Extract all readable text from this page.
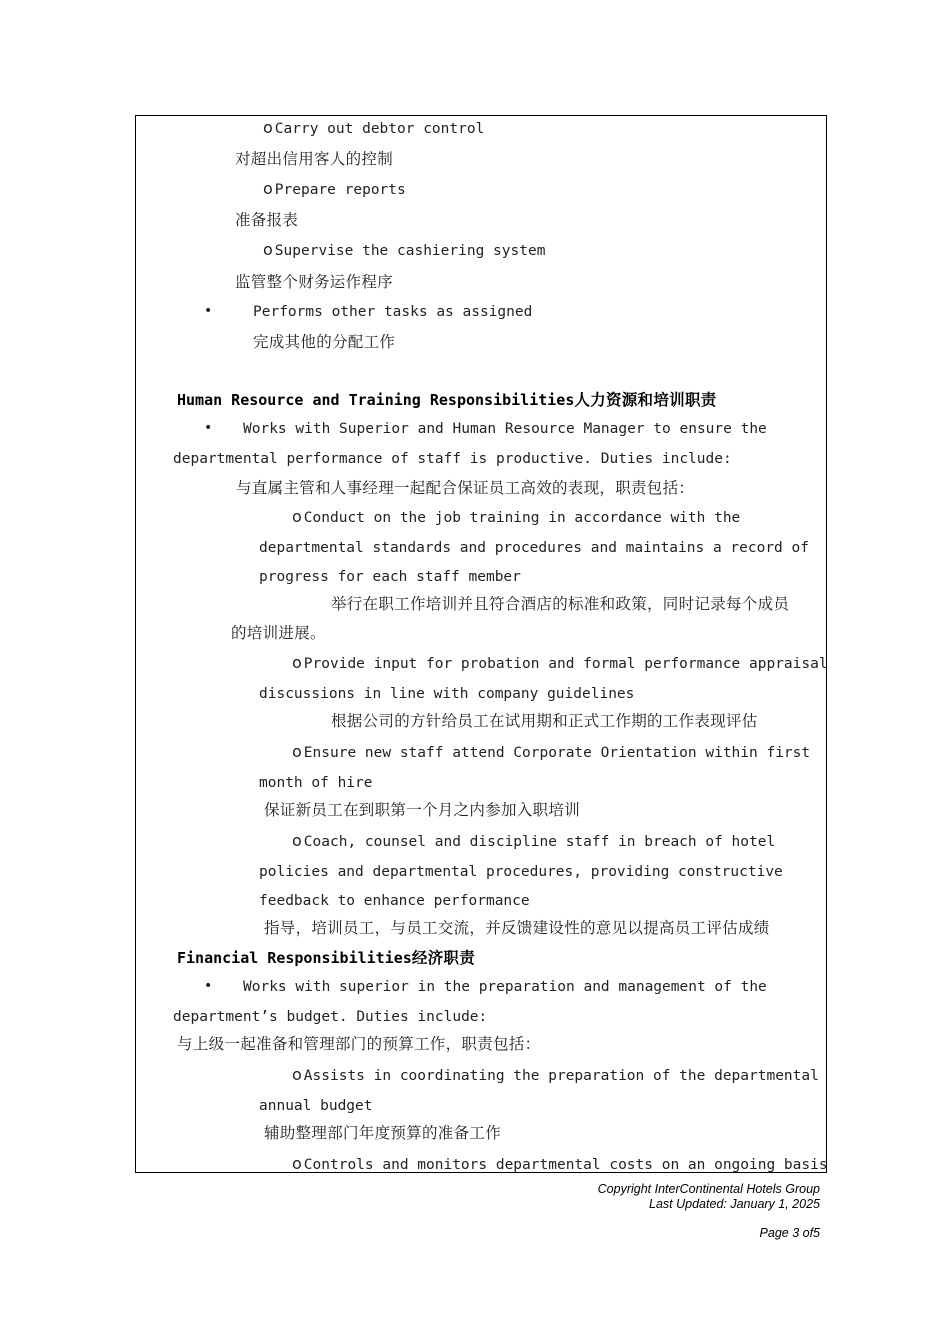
o Carry out debtor control
对超出信用客人的控制
o Prepare reports
准备报表
o Supervise the cashiering system
监管整个财务运作程序
•	Performs other tasks as assigned
完成其他的分配工作
Human Resource and Training Responsibilities人力资源和培训职责
• Works with Superior and Human Resource Manager to ensure the
departmental performance of staff is productive. Duties include:
与直属主管和人事经理一起配合保证员工高效的表现，职责包括：
o Conduct on the job training in accordance with the
departmental standards and procedures and maintains a record of
progress for each staff member
举行在职工作培训并且符合酒店的标准和政策，同时记录每个成员
的培训进展。
o Provide input for probation and formal performance appraisal
discussions in line with company guidelines
根据公司的方针给员工在试用期和正式工作期的工作表现评估
o Ensure new staff attend Corporate Orientation within first
month of hire
保证新员工在到职第一个月之内参加入职培训
o Coach, counsel and discipline staff in breach of hotel
policies and departmental procedures, providing constructive
feedback to enhance performance
指导，培训员工，与员工交流，并反馈建设性的意见以提高员工评估成绩
Financial Responsibilities经济职责
• Works with superior in the preparation and management of the
department’s budget. Duties include:
与上级一起准备和管理部门的预算工作，职责包括：
o Assists in coordinating the preparation of the departmental
annual budget
辅助整理部门年度预算的准备工作
o Controls and monitors departmental costs on an ongoing basis
Copyright InterContinental Hotels Group
Last Updated: January 1, 2025
Page 3 of5
